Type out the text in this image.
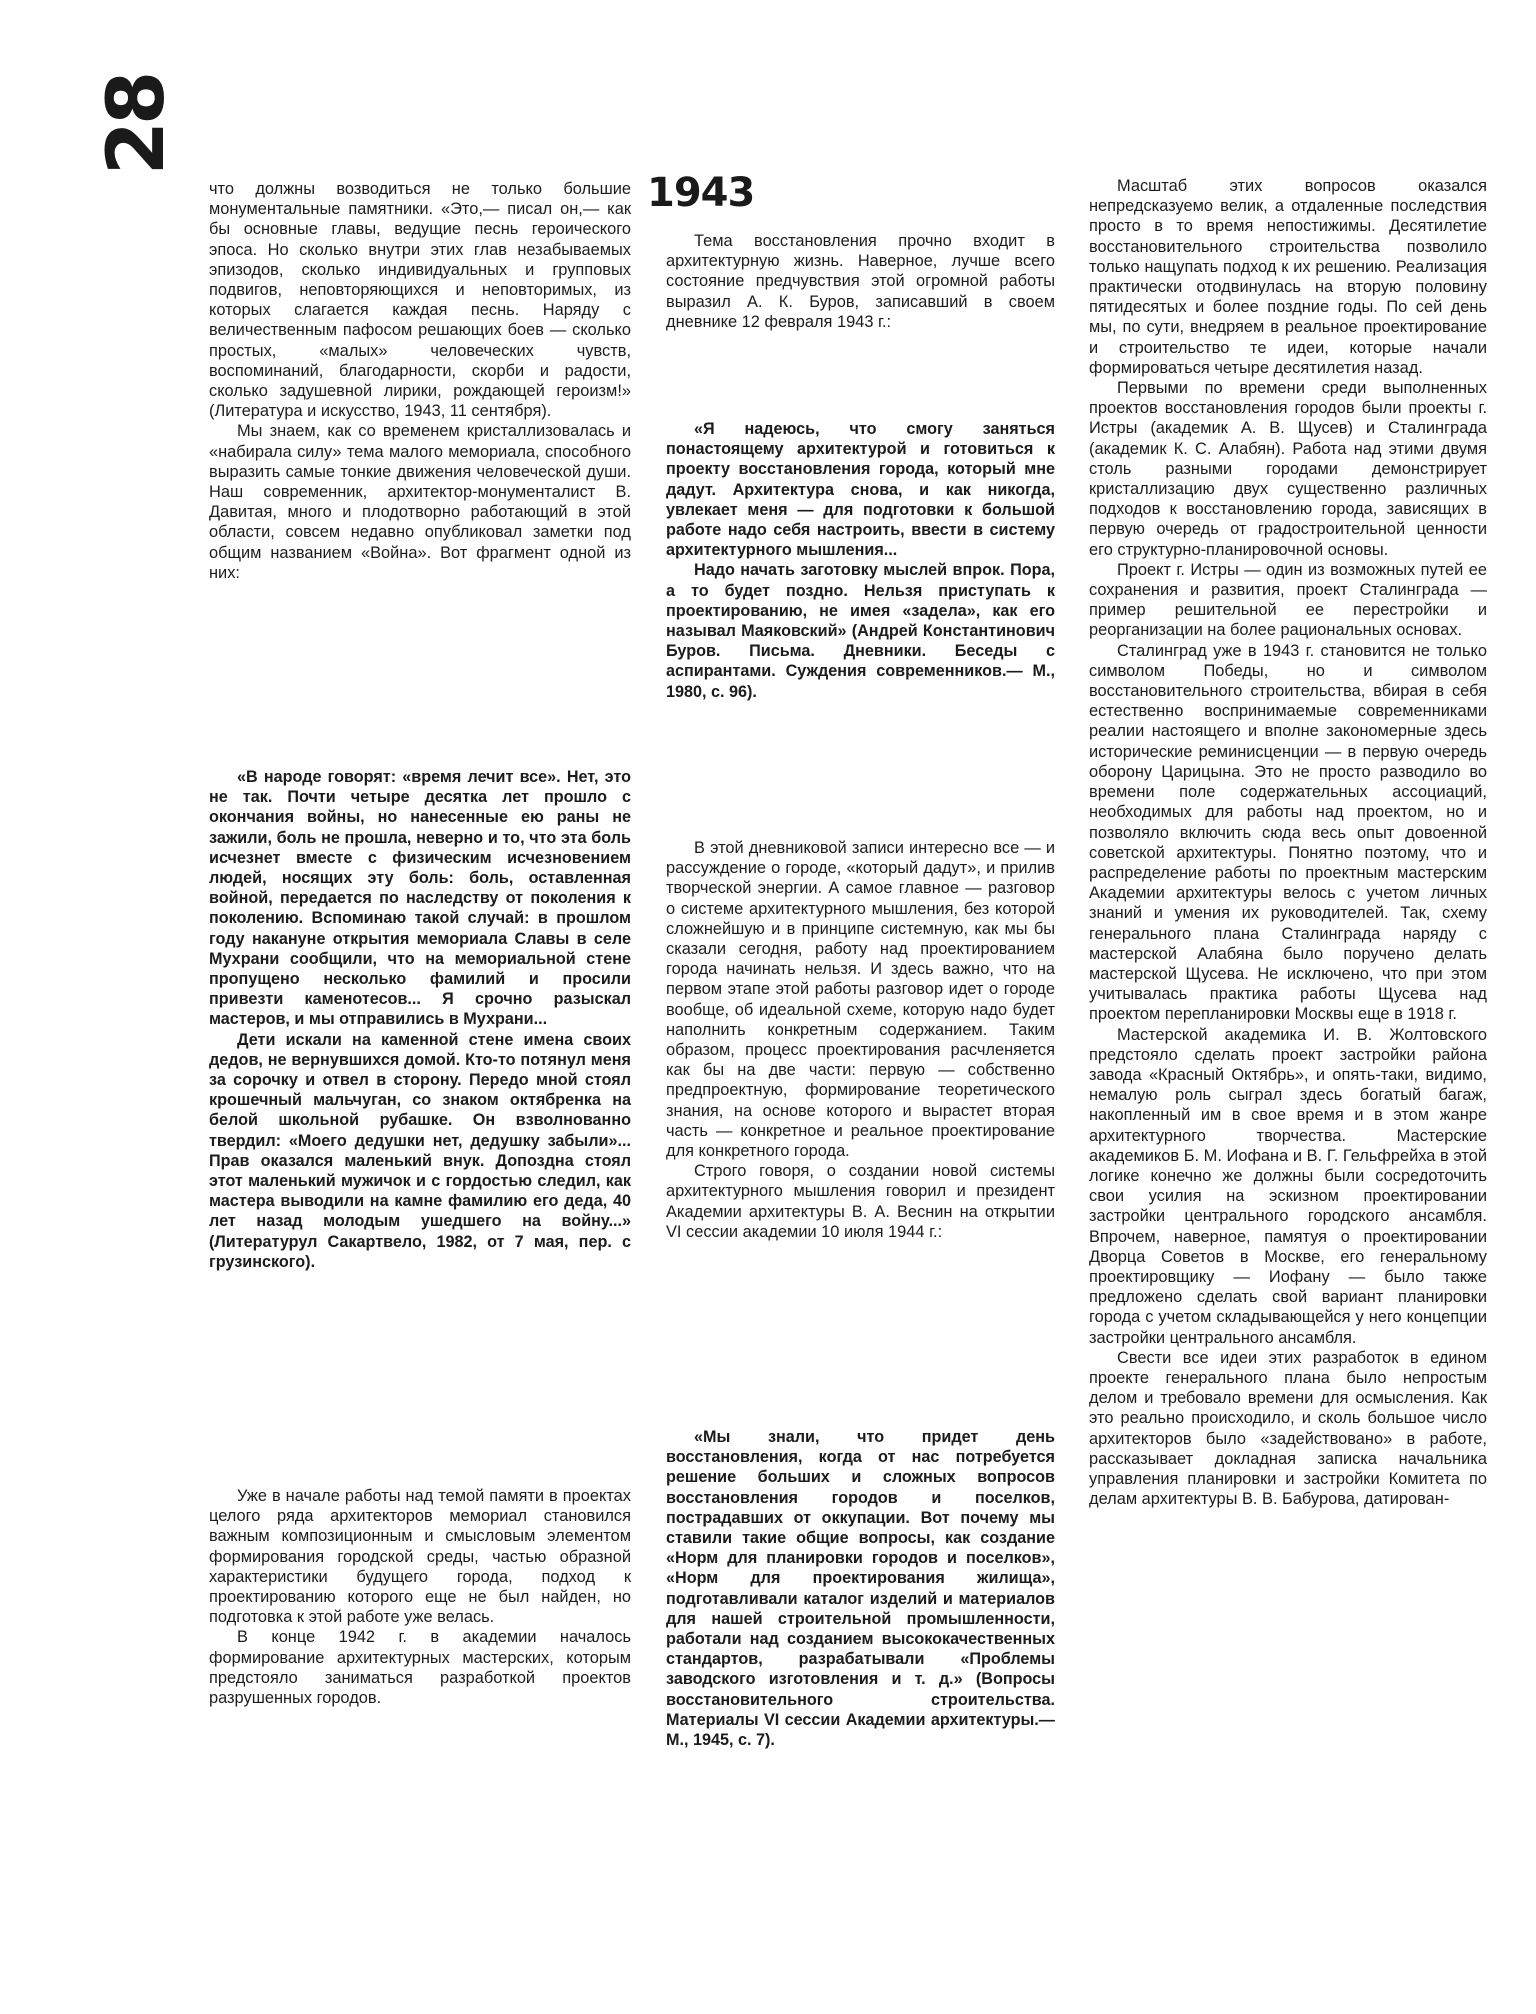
28

что должны возводиться не только большие монументальные памятники. «Это,— писал он,— как бы основные главы, ведущие песнь героического эпоса. Но сколько внутри этих глав незабываемых эпизодов, сколько индивидуальных и групповых подвигов, неповторяющихся и неповторимых, из которых слагается каждая песнь. Наряду с величественным пафосом решающих боев — сколько простых, «малых» человеческих чувств, воспоминаний, благодарности, скорби и радости, сколько задушевной лирики, рождающей героизм!» (Литература и искусство, 1943, 11 сентября).

Мы знаем, как со временем кристаллизовалась и «набирала силу» тема малого мемориала, способного выразить самые тонкие движения человеческой души. Наш современник, архитектор-монументалист В. Давитая, много и плодотворно работающий в этой области, совсем недавно опубликовал заметки под общим названием «Война». Вот фрагмент одной из них:

«В народе говорят: «время лечит все». Нет, это не так. Почти четыре десятка лет прошло с окончания войны, но нанесенные ею раны не зажили, боль не прошла, неверно и то, что эта боль исчезнет вместе с физическим исчезновением людей, носящих эту боль: боль, оставленная войной, передается по наследству от поколения к поколению. Вспоминаю такой случай: в прошлом году накануне открытия мемориала Славы в селе Мухрани сообщили, что на мемориальной стене пропущено несколько фамилий и просили привезти каменотесов... Я срочно разыскал мастеров, и мы отправились в Мухрани...

Дети искали на каменной стене имена своих дедов, не вернувшихся домой. Кто-то потянул меня за сорочку и отвел в сторону. Передо мной стоял крошечный мальчуган, со знаком октябренка на белой школьной рубашке. Он взволнованно твердил: «Моего дедушки нет, дедушку забыли»... Прав оказался маленький внук. Допоздна стоял этот маленький мужичок и с гордостью следил, как мастера выводили на камне фамилию его деда, 40 лет назад молодым ушедшего на войну...» (Литературул Сакартвело, 1982, от 7 мая, пер. с грузинского).

Уже в начале работы над темой памяти в проектах целого ряда архитекторов мемориал становился важным композиционным и смысловым элементом формирования городской среды, частью образной характеристики будущего города, подход к проектированию которого еще не был найден, но подготовка к этой работе уже велась.

В конце 1942 г. в академии началось формирование архитектурных мастерских, которым предстояло заниматься разработкой проектов разрушенных городов.

1943

Тема восстановления прочно входит в архитектурную жизнь. Наверное, лучше всего состояние предчувствия этой огромной работы выразил А. К. Буров, записавший в своем дневнике 12 февраля 1943 г.:

«Я надеюсь, что смогу заняться понастоящему архитектурой и готовиться к проекту восстановления города, который мне дадут. Архитектура снова, и как никогда, увлекает меня — для подготовки к большой работе надо себя настроить, ввести в систему архитектурного мышления...

Надо начать заготовку мыслей впрок. Пора, а то будет поздно. Нельзя приступать к проектированию, не имея «задела», как его называл Маяковский» (Андрей Константинович Буров. Письма. Дневники. Беседы с аспирантами. Суждения современников.— М., 1980, с. 96).

В этой дневниковой записи интересно все — и рассуждение о городе, «который дадут», и прилив творческой энергии. А самое главное — разговор о системе архитектурного мышления, без которой сложнейшую и в принципе системную, как мы бы сказали сегодня, работу над проектированием города начинать нельзя. И здесь важно, что на первом этапе этой работы разговор идет о городе вообще, об идеальной схеме, которую надо будет наполнить конкретным содержанием. Таким образом, процесс проектирования расчленяется как бы на две части: первую — собственно предпроектную, формирование теоретического знания, на основе которого и вырастет вторая часть — конкретное и реальное проектирование для конкретного города.

Строго говоря, о создании новой системы архитектурного мышления говорил и президент Академии архитектуры В. А. Веснин на открытии VI сессии академии 10 июля 1944 г.:

«Мы знали, что придет день восстановления, когда от нас потребуется решение больших и сложных вопросов восстановления городов и поселков, пострадавших от оккупации. Вот почему мы ставили такие общие вопросы, как создание «Норм для планировки городов и поселков», «Норм для проектирования жилища», подготавливали каталог изделий и материалов для нашей строительной промышленности, работали над созданием высококачественных стандартов, разрабатывали «Проблемы заводского изготовления и т. д.» (Вопросы восстановительного строительства. Материалы VI сессии Академии архитектуры.— М., 1945, с. 7).

Масштаб этих вопросов оказался непредсказуемо велик, а отдаленные последствия просто в то время непостижимы. Десятилетие восстановительного строительства позволило только нащупать подход к их решению. Реализация практически отодвинулась на вторую половину пятидесятых и более поздние годы. По сей день мы, по сути, внедряем в реальное проектирование и строительство те идеи, которые начали формироваться четыре десятилетия назад.

Первыми по времени среди выполненных проектов восстановления городов были проекты г. Истры (академик А. В. Щусев) и Сталинграда (академик К. С. Алабян). Работа над этими двумя столь разными городами демонстрирует кристаллизацию двух существенно различных подходов к восстановлению города, зависящих в первую очередь от градостроительной ценности его структурно-планировочной основы.

Проект г. Истры — один из возможных путей ее сохранения и развития, проект Сталинграда — пример решительной ее перестройки и реорганизации на более рациональных основах.

Сталинград уже в 1943 г. становится не только символом Победы, но и символом восстановительного строительства, вбирая в себя естественно воспринимаемые современниками реалии настоящего и вполне закономерные здесь исторические реминисценции — в первую очередь оборону Царицына. Это не просто разводило во времени поле содержательных ассоциаций, необходимых для работы над проектом, но и позволяло включить сюда весь опыт довоенной советской архитектуры. Понятно поэтому, что и распределение работы по проектным мастерским Академии архитектуры велось с учетом личных знаний и умения их руководителей. Так, схему генерального плана Сталинграда наряду с мастерской Алабяна было поручено делать мастерской Щусева. Не исключено, что при этом учитывалась практика работы Щусева над проектом перепланировки Москвы еще в 1918 г.

Мастерской академика И. В. Жолтовского предстояло сделать проект застройки района завода «Красный Октябрь», и опять-таки, видимо, немалую роль сыграл здесь богатый багаж, накопленный им в свое время и в этом жанре архитектурного творчества. Мастерские академиков Б. М. Иофана и В. Г. Гельфрейха в этой логике конечно же должны были сосредоточить свои усилия на эскизном проектировании застройки центрального городского ансамбля. Впрочем, наверное, памятуя о проектировании Дворца Советов в Москве, его генеральному проектировщику — Иофану — было также предложено сделать свой вариант планировки города с учетом складывающейся у него концепции застройки центрального ансамбля.

Свести все идеи этих разработок в едином проекте генерального плана было непростым делом и требовало времени для осмысления. Как это реально происходило, и сколь большое число архитекторов было «задействовано» в работе, рассказывает докладная записка начальника управления планировки и застройки Комитета по делам архитектуры В. В. Бабурова, датирован-
